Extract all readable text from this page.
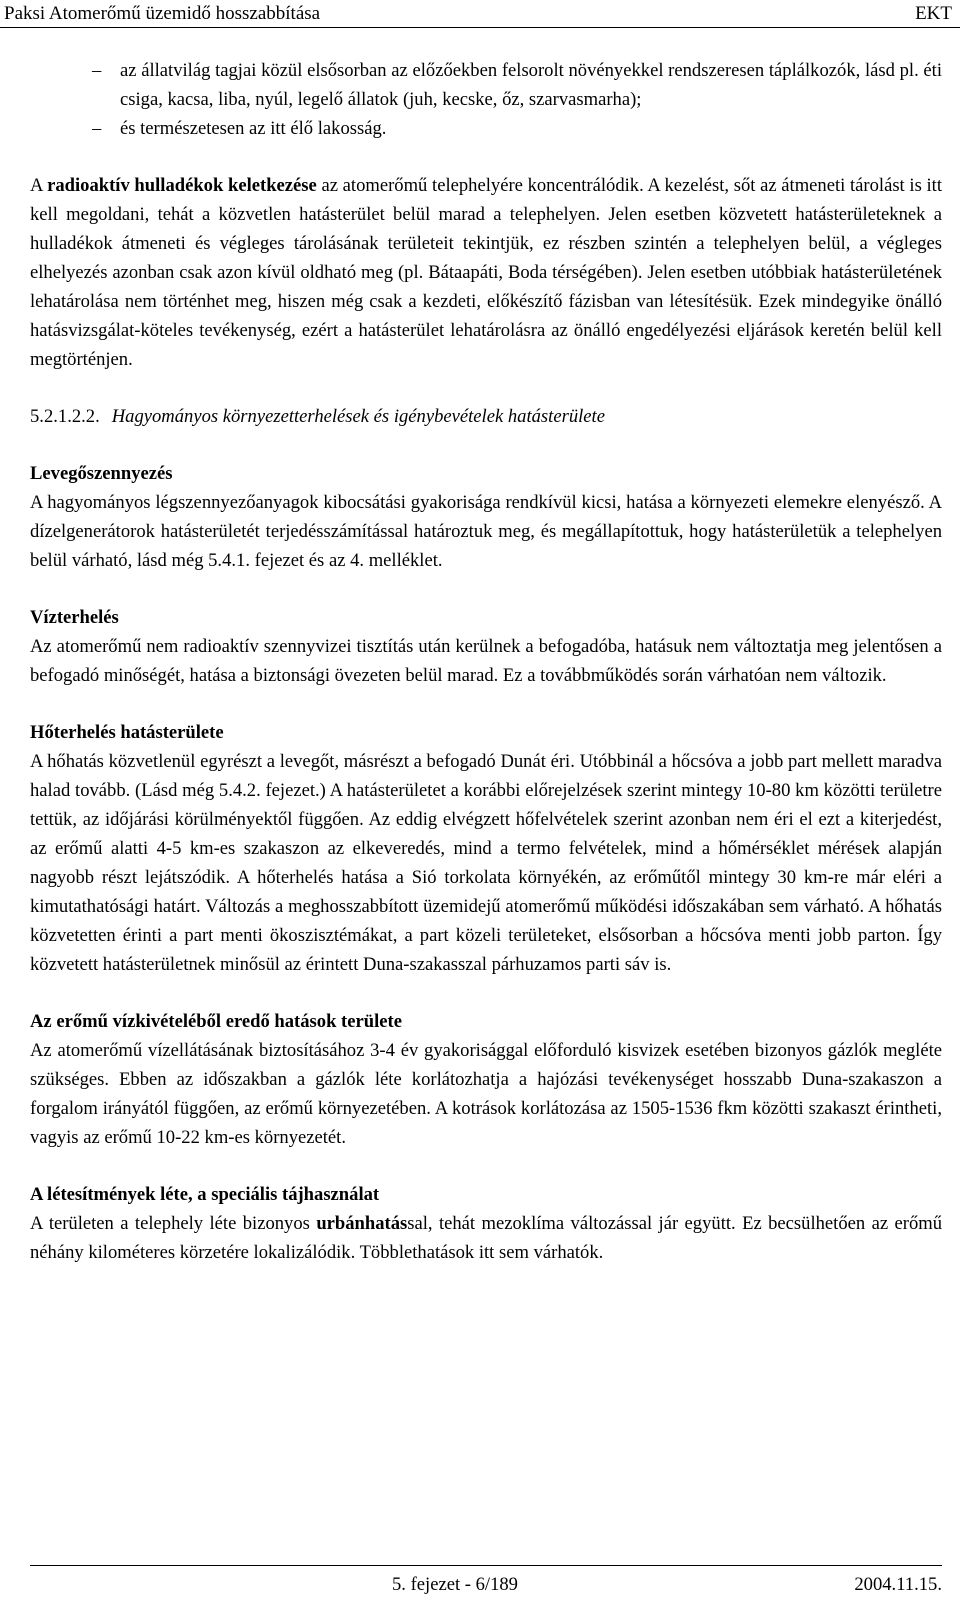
Paksi Atomerőmű üzemidő hosszabbítása	EKT
– az állatvilág tagjai közül elsősorban az előzőekben felsorolt növényekkel rendszeresen táplálkozók, lásd pl. éti csiga, kacsa, liba, nyúl, legelő állatok (juh, kecske, őz, szarvasmarha);
– és természetesen az itt élő lakosság.

A radioaktív hulladékok keletkezése az atomerőmű telephelyére koncentrálódik. A kezelést, sőt az átmeneti tárolást is itt kell megoldani, tehát a közvetlen hatásterület belül marad a telephelyen. Jelen esetben közvetett hatásterületeknek a hulladékok átmeneti és végleges tárolásának területeit tekintjük, ez részben szintén a telephelyen belül, a végleges elhelyezés azonban csak azon kívül oldható meg (pl. Bátaapáti, Boda térségében). Jelen esetben utóbbiak hatásterületének lehatárolása nem történhet meg, hiszen még csak a kezdeti, előkészítő fázisban van létesítésük. Ezek mindegyike önálló hatásvizsgálat-köteles tevékenység, ezért a hatásterület lehatárolásra az önálló engedélyezési eljárások keretén belül kell megtörténjen.

5.2.1.2.2. Hagyományos környezetterhelések és igénybevételek hatásterülete

Levegőszennyezés

A hagyományos légszennyezőanyagok kibocsátási gyakorisága rendkívül kicsi, hatása a környezeti elemekre elenyésző. A dízelgenerátorok hatásterületét terjedésszámítással határoztuk meg, és megállapítottuk, hogy hatásterületük a telephelyen belül várható, lásd még 5.4.1. fejezet és az 4. melléklet.

Vízterhelés

Az atomerőmű nem radioaktív szennyvizei tisztítás után kerülnek a befogadóba, hatásuk nem változtatja meg jelentősen a befogadó minőségét, hatása a biztonsági övezeten belül marad. Ez a továbbműködés során várhatóan nem változik.

Hőterhelés hatásterülete

A hőhatás közvetlenül egyrészt a levegőt, másrészt a befogadó Dunát éri. Utóbbinál a hőcsóva a jobb part mellett maradva halad tovább. (Lásd még 5.4.2. fejezet.) A hatásterületet a korábbi előrejelzések szerint mintegy 10-80 km közötti területre tettük, az időjárási körülményektől függően. Az eddig elvégzett hőfelvételek szerint azonban nem éri el ezt a kiterjedést, az erőmű alatti 4-5 km-es szakaszon az elkeveredés, mind a termo felvételek, mind a hőmérséklet mérések alapján nagyobb részt lejátszódik. A hőterhelés hatása a Sió torkolata környékén, az erőműtől mintegy 30 km-re már eléri a kimutathatósági határt. Változás a meghosszabbított üzemidejű atomerőmű működési időszakában sem várható. A hőhatás közvetetten érinti a part menti ökoszisztémákat, a part közeli területeket, elsősorban a hőcsóva menti jobb parton. Így közvetett hatásterületnek minősül az érintett Duna-szakasszal párhuzamos parti sáv is.

Az erőmű vízkivételéből eredő hatások területe

Az atomerőmű vízellátásának biztosításához 3-4 év gyakorisággal előforduló kisvizek esetében bizonyos gázlók megléte szükséges. Ebben az időszakban a gázlók léte korlátozhatja a hajózási tevékenységet hosszabb Duna-szakaszon a forgalom irányától függően, az erőmű környezetében. A kotrások korlátozása az 1505-1536 fkm közötti szakaszt érintheti, vagyis az erőmű 10-22 km-es környezetét.

A létesítmények léte, a speciális tájhasználat

A területen a telephely léte bizonyos urbánhatással, tehát mezoklíma változással jár együtt. Ez becsülhetően az erőmű néhány kilométeres körzetére lokalizálódik. Többlethatások itt sem várhatók.

5. fejezet - 6/189	2004.11.15.
